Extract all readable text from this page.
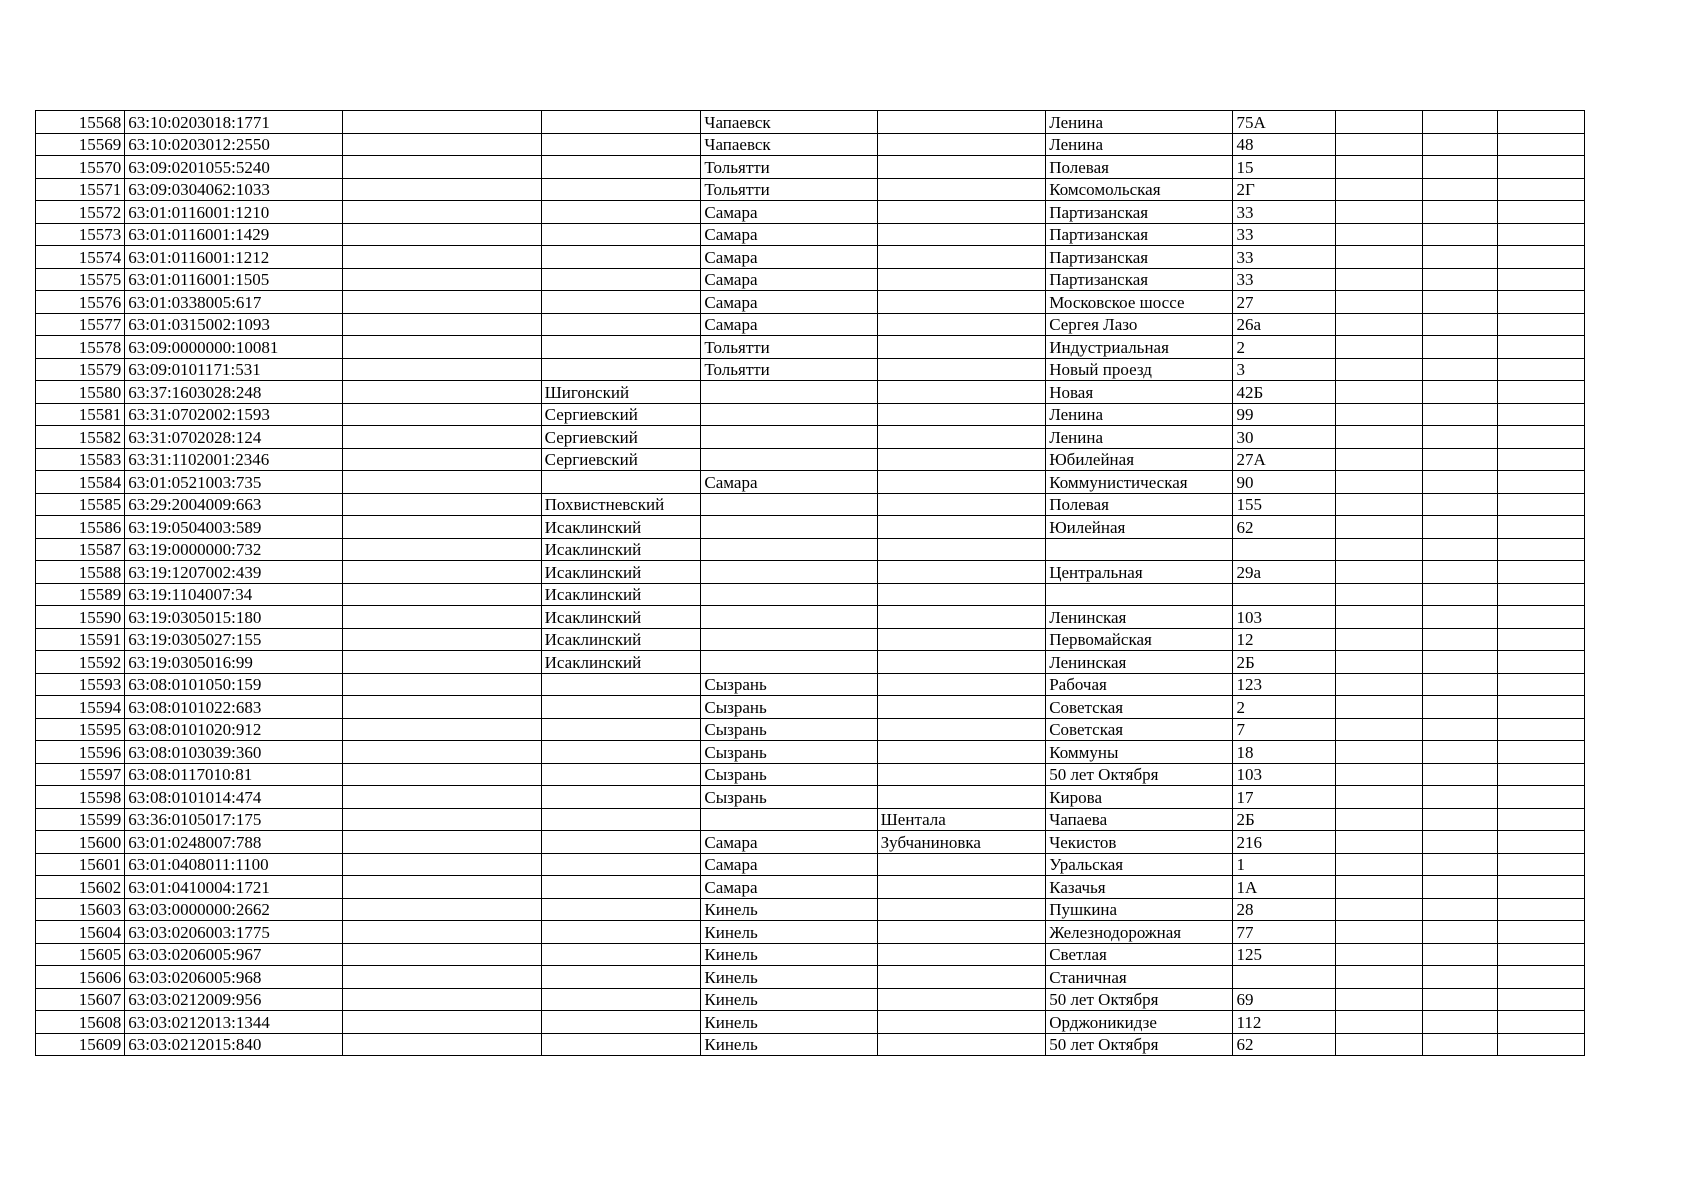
15568	63:10:0203018:1771			Чапаевск		Ленина	75А			
15569	63:10:0203012:2550			Чапаевск		Ленина	48			
15570	63:09:0201055:5240			Тольятти		Полевая	15			
15571	63:09:0304062:1033			Тольятти		Комсомольская	2Г			
15572	63:01:0116001:1210			Самара		Партизанская	33			
15573	63:01:0116001:1429			Самара		Партизанская	33			
15574	63:01:0116001:1212			Самара		Партизанская	33			
15575	63:01:0116001:1505			Самара		Партизанская	33			
15576	63:01:0338005:617			Самара		Московское шоссе	27			
15577	63:01:0315002:1093			Самара		Сергея Лазо	26а			
15578	63:09:0000000:10081			Тольятти		Индустриальная	2			
15579	63:09:0101171:531			Тольятти		Новый проезд	3			
15580	63:37:1603028:248		Шигонский			Новая	42Б			
15581	63:31:0702002:1593		Сергиевский			Ленина	99			
15582	63:31:0702028:124		Сергиевский			Ленина	30			
15583	63:31:1102001:2346		Сергиевский			Юбилейная	27А			
15584	63:01:0521003:735			Самара		Коммунистическая	90			
15585	63:29:2004009:663		Похвистневский			Полевая	155			
15586	63:19:0504003:589		Исаклинский			Юилейная	62			
15587	63:19:0000000:732		Исаклинский							
15588	63:19:1207002:439		Исаклинский			Центральная	29а			
15589	63:19:1104007:34		Исаклинский							
15590	63:19:0305015:180		Исаклинский			Ленинская	103			
15591	63:19:0305027:155		Исаклинский			Первомайская	12			
15592	63:19:0305016:99		Исаклинский			Ленинская	2Б			
15593	63:08:0101050:159			Сызрань		Рабочая	123			
15594	63:08:0101022:683			Сызрань		Советская	2			
15595	63:08:0101020:912			Сызрань		Советская	7			
15596	63:08:0103039:360			Сызрань		Коммуны	18			
15597	63:08:0117010:81			Сызрань		50 лет Октября	103			
15598	63:08:0101014:474			Сызрань		Кирова	17			
15599	63:36:0105017:175				Шентала	Чапаева	2Б			
15600	63:01:0248007:788			Самара	Зубчаниновка	Чекистов	216			
15601	63:01:0408011:1100			Самара		Уральская	1			
15602	63:01:0410004:1721			Самара		Казачья	1А			
15603	63:03:0000000:2662			Кинель		Пушкина	28			
15604	63:03:0206003:1775			Кинель		Железнодорожная	77			
15605	63:03:0206005:967			Кинель		Светлая	125			
15606	63:03:0206005:968			Кинель		Станичная				
15607	63:03:0212009:956			Кинель		50 лет Октября	69			
15608	63:03:0212013:1344			Кинель		Орджоникидзе	112			
15609	63:03:0212015:840			Кинель		50 лет Октября	62			
